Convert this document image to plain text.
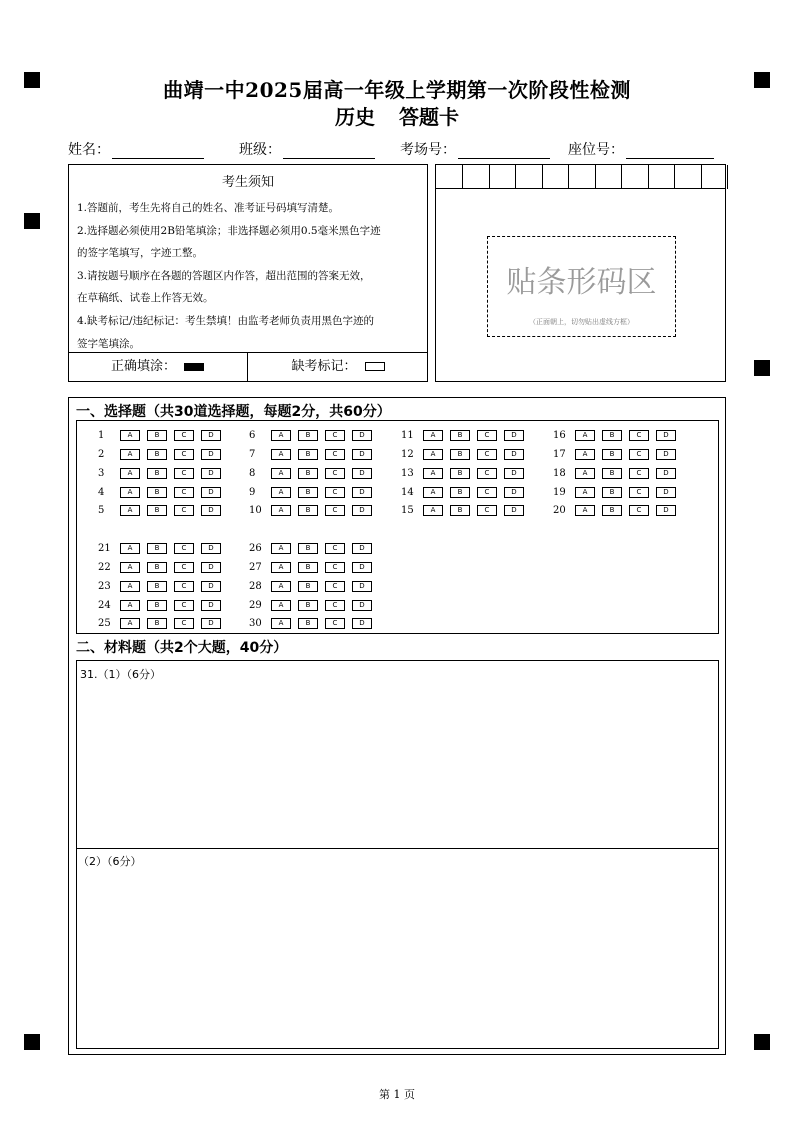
曲靖一中2025届高一年级上学期第一次阶段性检测
历史 答题卡
姓名：	班级：	考场号：	座位号：
考生须知
1.答题前，考生先将自己的姓名、准考证号码填写清楚。
2.选择题必须使用2B铅笔填涂；非选择题必须用0.5毫米黑色字迹
的签字笔填写，字迹工整。
3.请按题号顺序在各题的答题区内作答，超出范围的答案无效，
在草稿纸、试卷上作答无效。
4.缺考标记/违纪标记：考生禁填！由监考老师负责用黑色字迹的
签字笔填涂。
正确填涂：	缺考标记：
贴条形码区
（正面朝上，切勿贴出虚线方框）
一、选择题（共30道选择题，每题2分，共60分）
1	A	B	C	D
2	A	B	C	D
3	A	B	C	D
4	A	B	C	D
5	A	B	C	D
6	A	B	C	D
7	A	B	C	D
8	A	B	C	D
9	A	B	C	D
10	A	B	C	D
11	A	B	C	D
12	A	B	C	D
13	A	B	C	D
14	A	B	C	D
15	A	B	C	D
16	A	B	C	D
17	A	B	C	D
18	A	B	C	D
19	A	B	C	D
20	A	B	C	D
21	A	B	C	D
22	A	B	C	D
23	A	B	C	D
24	A	B	C	D
25	A	B	C	D
26	A	B	C	D
27	A	B	C	D
28	A	B	C	D
29	A	B	C	D
30	A	B	C	D
二、材料题（共2个大题，40分）
31.（1）（6分）
（2）（6分）
第 1 页
